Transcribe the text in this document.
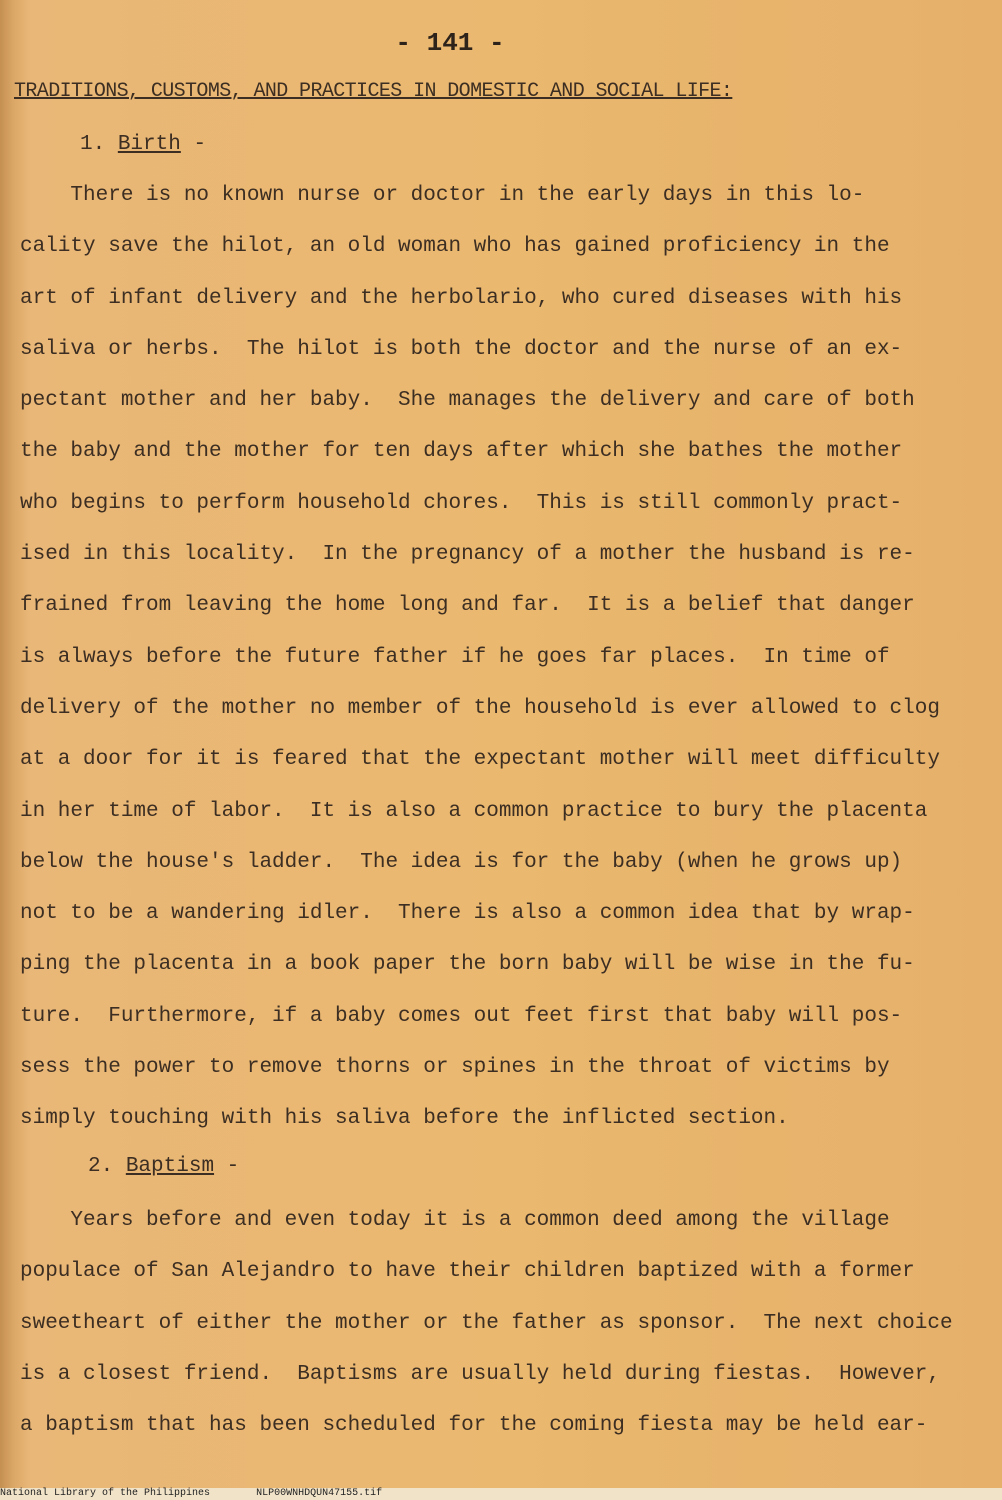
- 141 -
TRADITIONS, CUSTOMS, AND PRACTICES IN DOMESTIC AND SOCIAL LIFE:
1. Birth -
There is no known nurse or doctor in the early days in this lo-
cality save the hilot, an old woman who has gained proficiency in the
art of infant delivery and the herbolario, who cured diseases with his
saliva or herbs.  The hilot is both the doctor and the nurse of an ex-
pectant mother and her baby.  She manages the delivery and care of both
the baby and the mother for ten days after which she bathes the mother
who begins to perform household chores.  This is still commonly pract-
ised in this locality.  In the pregnancy of a mother the husband is re-
frained from leaving the home long and far.  It is a belief that danger
is always before the future father if he goes far places.  In time of
delivery of the mother no member of the household is ever allowed to clog
at a door for it is feared that the expectant mother will meet difficulty
in her time of labor.  It is also a common practice to bury the placenta
below the house's ladder.  The idea is for the baby (when he grows up)
not to be a wandering idler.  There is also a common idea that by wrap-
ping the placenta in a book paper the born baby will be wise in the fu-
ture.  Furthermore, if a baby comes out feet first that baby will pos-
sess the power to remove thorns or spines in the throat of victims by
simply touching with his saliva before the inflicted section.
2. Baptism -
Years before and even today it is a common deed among the village
populace of San Alejandro to have their children baptized with a former
sweetheart of either the mother or the father as sponsor.  The next choice
is a closest friend.  Baptisms are usually held during fiestas.  However,
a baptism that has been scheduled for the coming fiesta may be held ear-
National Library of the Philippines	NLP00WNHDQUN47155.tif
